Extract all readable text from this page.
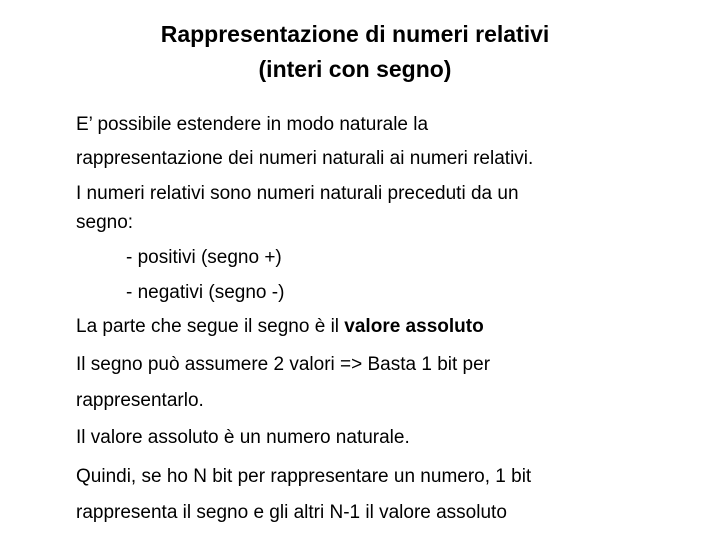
Rappresentazione di numeri relativi
(interi con segno)

E’ possibile estendere in modo naturale la

rappresentazione dei numeri naturali ai numeri relativi.

I numeri relativi sono numeri naturali preceduti da un

segno:

- positivi (segno +)

- negativi (segno -)

La parte che segue il segno è il valore assoluto

Il segno può assumere 2 valori => Basta 1 bit per

rappresentarlo.

Il valore assoluto è un numero naturale.

Quindi, se ho N bit per rappresentare un numero, 1 bit

rappresenta il segno e gli altri N-1 il valore assoluto
